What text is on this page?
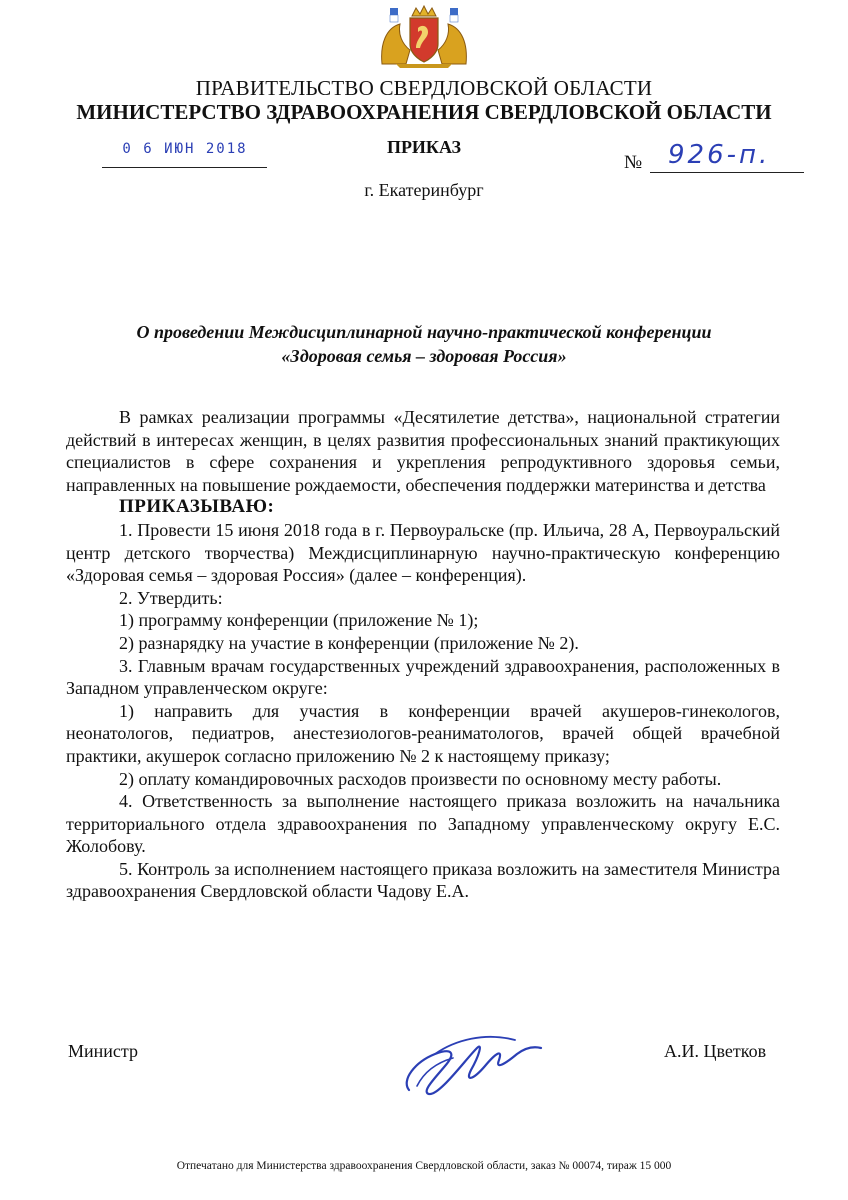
ПРАВИТЕЛЬСТВО СВЕРДЛОВСКОЙ ОБЛАСТИ
МИНИСТЕРСТВО ЗДРАВООХРАНЕНИЯ СВЕРДЛОВСКОЙ ОБЛАСТИ
0 6 ИЮН 2018	ПРИКАЗ
№ 926-п.
г. Екатеринбург
О проведении Междисциплинарной научно-практической конференции
«Здоровая семья – здоровая Россия»

В рамках реализации программы «Десятилетие детства», национальной стратегии действий в интересах женщин, в целях развития профессиональных знаний практикующих специалистов в сфере сохранения и укрепления репродуктивного здоровья семьи, направленных на повышение рождаемости, обеспечения поддержки материнства и детства

ПРИКАЗЫВАЮ:

1. Провести 15 июня 2018 года в г. Первоуральске (пр. Ильича, 28 А, Первоуральский центр детского творчества) Междисциплинарную научно-практическую конференцию «Здоровая семья – здоровая Россия» (далее – конференция).

2. Утвердить:

1) программу конференции (приложение № 1);

2) разнарядку на участие в конференции (приложение № 2).

3. Главным врачам государственных учреждений здравоохранения, расположенных в Западном управленческом округе:

1) направить для участия в конференции врачей акушеров-гинекологов, неонатологов, педиатров, анестезиологов-реаниматологов, врачей общей врачебной практики, акушерок согласно приложению № 2 к настоящему приказу;

2) оплату командировочных расходов произвести по основному месту работы.

4. Ответственность за выполнение настоящего приказа возложить на начальника территориального отдела здравоохранения по Западному управленческому округу Е.С. Жолобову.

5. Контроль за исполнением настоящего приказа возложить на заместителя Министра здравоохранения Свердловской области Чадову Е.А.

Министр	А.И. Цветков
Отпечатано для Министерства здравоохранения Свердловской области, заказ № 00074, тираж 15 000
